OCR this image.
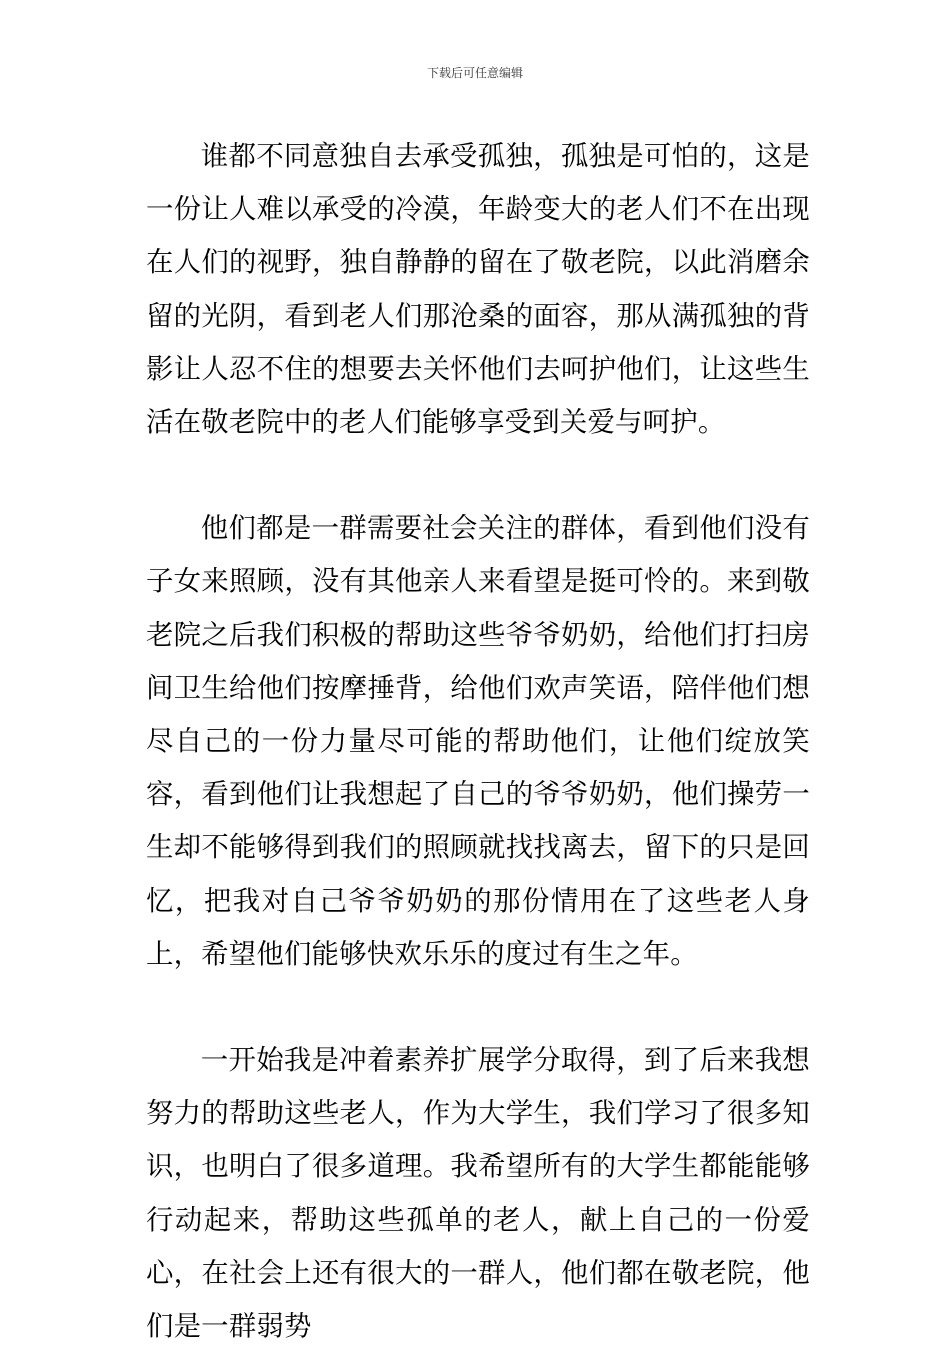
下载后可任意编辑

谁都不同意独自去承受孤独，孤独是可怕的，这是一份让人难以承受的冷漠，年龄变大的老人们不在出现在人们的视野，独自静静的留在了敬老院，以此消磨余留的光阴，看到老人们那沧桑的面容，那从满孤独的背影让人忍不住的想要去关怀他们去呵护他们，让这些生活在敬老院中的老人们能够享受到关爱与呵护。

他们都是一群需要社会关注的群体，看到他们没有子女来照顾，没有其他亲人来看望是挺可怜的。来到敬老院之后我们积极的帮助这些爷爷奶奶，给他们打扫房间卫生给他们按摩捶背，给他们欢声笑语，陪伴他们想尽自己的一份力量尽可能的帮助他们，让他们绽放笑容，看到他们让我想起了自己的爷爷奶奶，他们操劳一生却不能够得到我们的照顾就找找离去，留下的只是回忆，把我对自己爷爷奶奶的那份情用在了这些老人身上，希望他们能够快欢乐乐的度过有生之年。

一开始我是冲着素养扩展学分取得，到了后来我想努力的帮助这些老人，作为大学生，我们学习了很多知识，也明白了很多道理。我希望所有的大学生都能能够行动起来，帮助这些孤单的老人，献上自己的一份爱心，在社会上还有很大的一群人，他们都在敬老院，他们是一群弱势
